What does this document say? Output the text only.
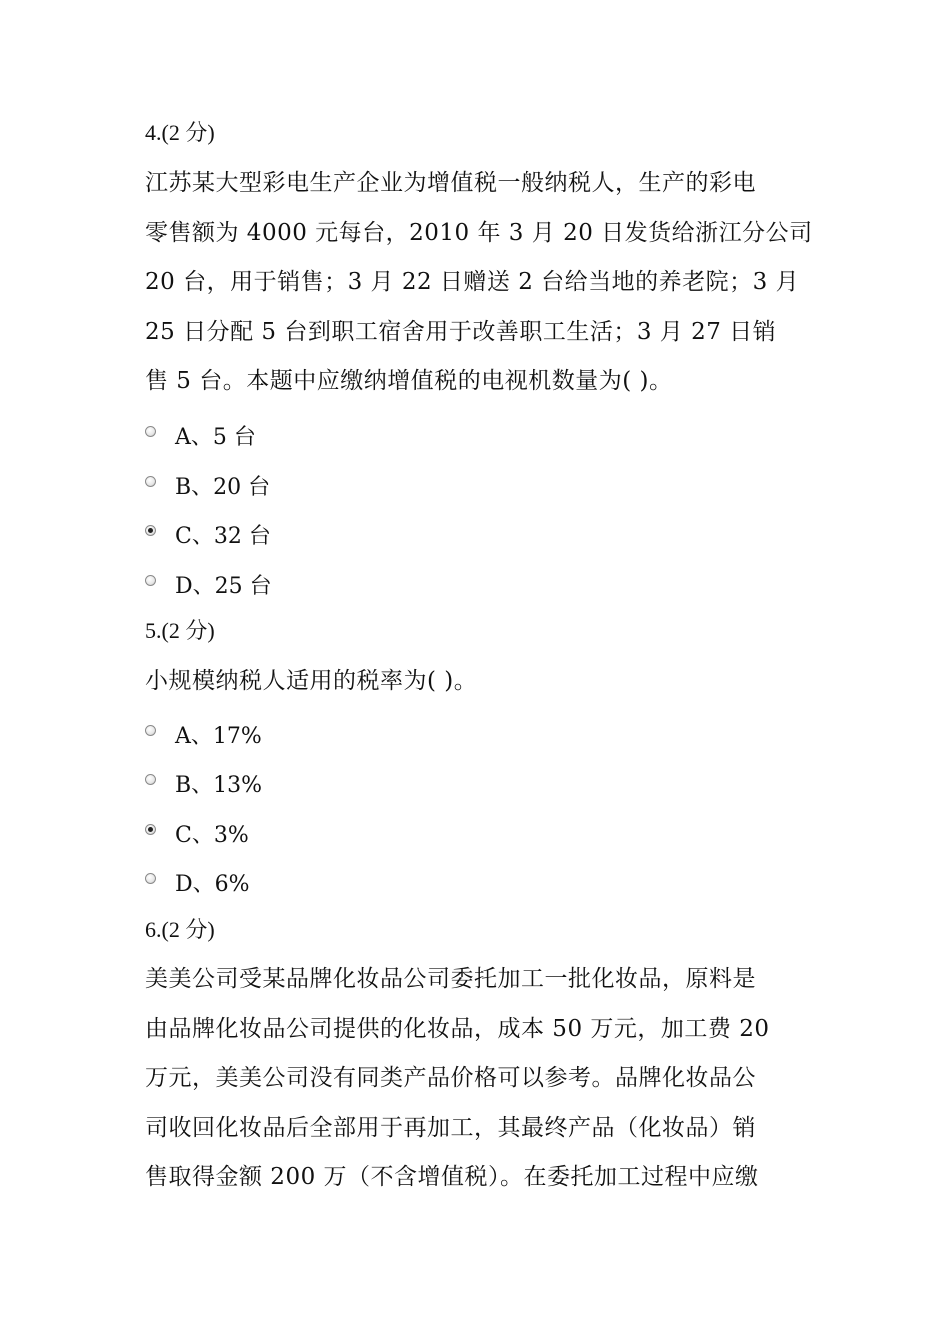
4.(2 分)
江苏某大型彩电生产企业为增值税一般纳税人，生产的彩电
零售额为 4000 元每台，2010 年 3 月 20 日发货给浙江分公司
20 台，用于销售；3 月 22 日赠送 2 台给当地的养老院；3 月
25 日分配 5 台到职工宿舍用于改善职工生活；3 月 27 日销
售 5 台。本题中应缴纳增值税的电视机数量为( )。
A、5 台
B、20 台
C、32 台
D、25 台
5.(2 分)
小规模纳税人适用的税率为( )。
A、17%
B、13%
C、3%
D、6%
6.(2 分)
美美公司受某品牌化妆品公司委托加工一批化妆品，原料是
由品牌化妆品公司提供的化妆品，成本 50 万元，加工费 20
万元，美美公司没有同类产品价格可以参考。品牌化妆品公
司收回化妆品后全部用于再加工，其最终产品（化妆品）销
售取得金额 200 万（不含增值税）。在委托加工过程中应缴
